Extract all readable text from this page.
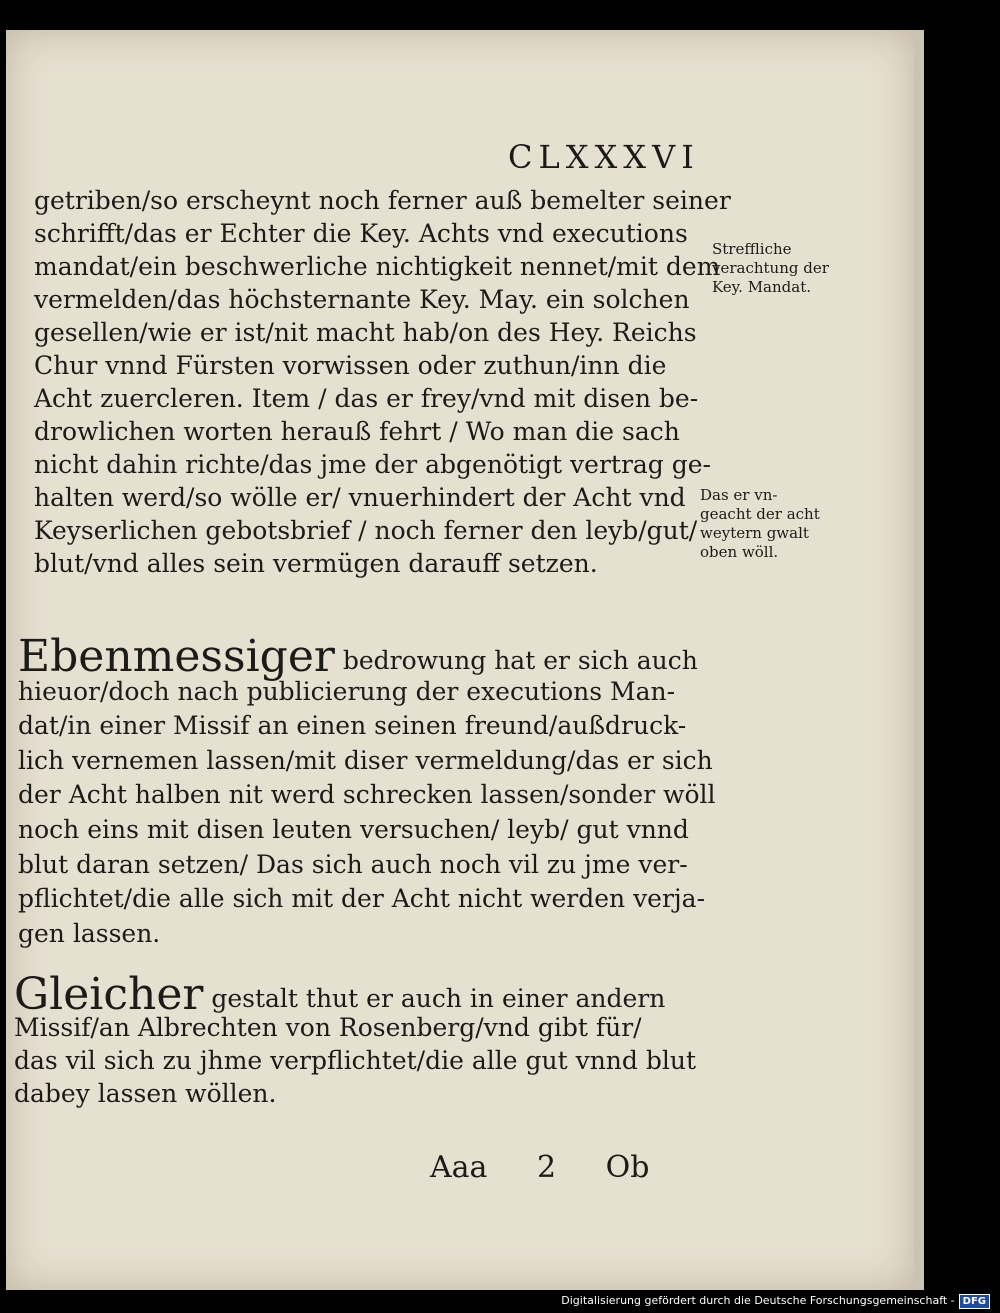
CLXXXVI
getriben/so erscheynt noch ferner auß bemelter seiner
schrifft/das er Echter die Key. Achts vnd executions
mandat/ein beschwerliche nichtigkeit nennet/mit dem
vermelden/das höchsternante Key. May. ein solchen
gesellen/wie er ist/nit macht hab/on des Hey. Reichs
Chur vnnd Fürsten vorwissen oder zuthun/inn die
Acht zuercleren. Item / das er frey/vnd mit disen be-
drowlichen worten herauß fehrt / Wo man die sach
nicht dahin richte/das jme der abgenötigt vertrag ge-
halten werd/so wölle er/ vnuerhindert der Acht vnd
Keyserlichen gebotsbrief / noch ferner den leyb/gut/
blut/vnd alles sein vermügen darauff setzen.
Streffliche
verachtung der
Key. Mandat.
Das er vn-
geacht der acht
weytern gwalt
oben wöll.
Ebenmessiger bedrowung hat er sich auch
hieuor/doch nach publicierung der executions Man-
dat/in einer Missif an einen seinen freund/außdruck-
lich vernemen lassen/mit diser vermeldung/das er sich
der Acht halben nit werd schrecken lassen/sonder wöll
noch eins mit disen leuten versuchen/ leyb/ gut vnnd
blut daran setzen/ Das sich auch noch vil zu jme ver-
pflichtet/die alle sich mit der Acht nicht werden verja-
gen lassen.
Gleicher gestalt thut er auch in einer andern
Missif/an Albrechten von Rosenberg/vnd gibt für/
das vil sich zu jhme verpflichtet/die alle gut vnnd blut
dabey lassen wöllen.
Aaa 2 Ob
Digitalisierung gefördert durch die Deutsche Forschungsgemeinschaft - DFG
